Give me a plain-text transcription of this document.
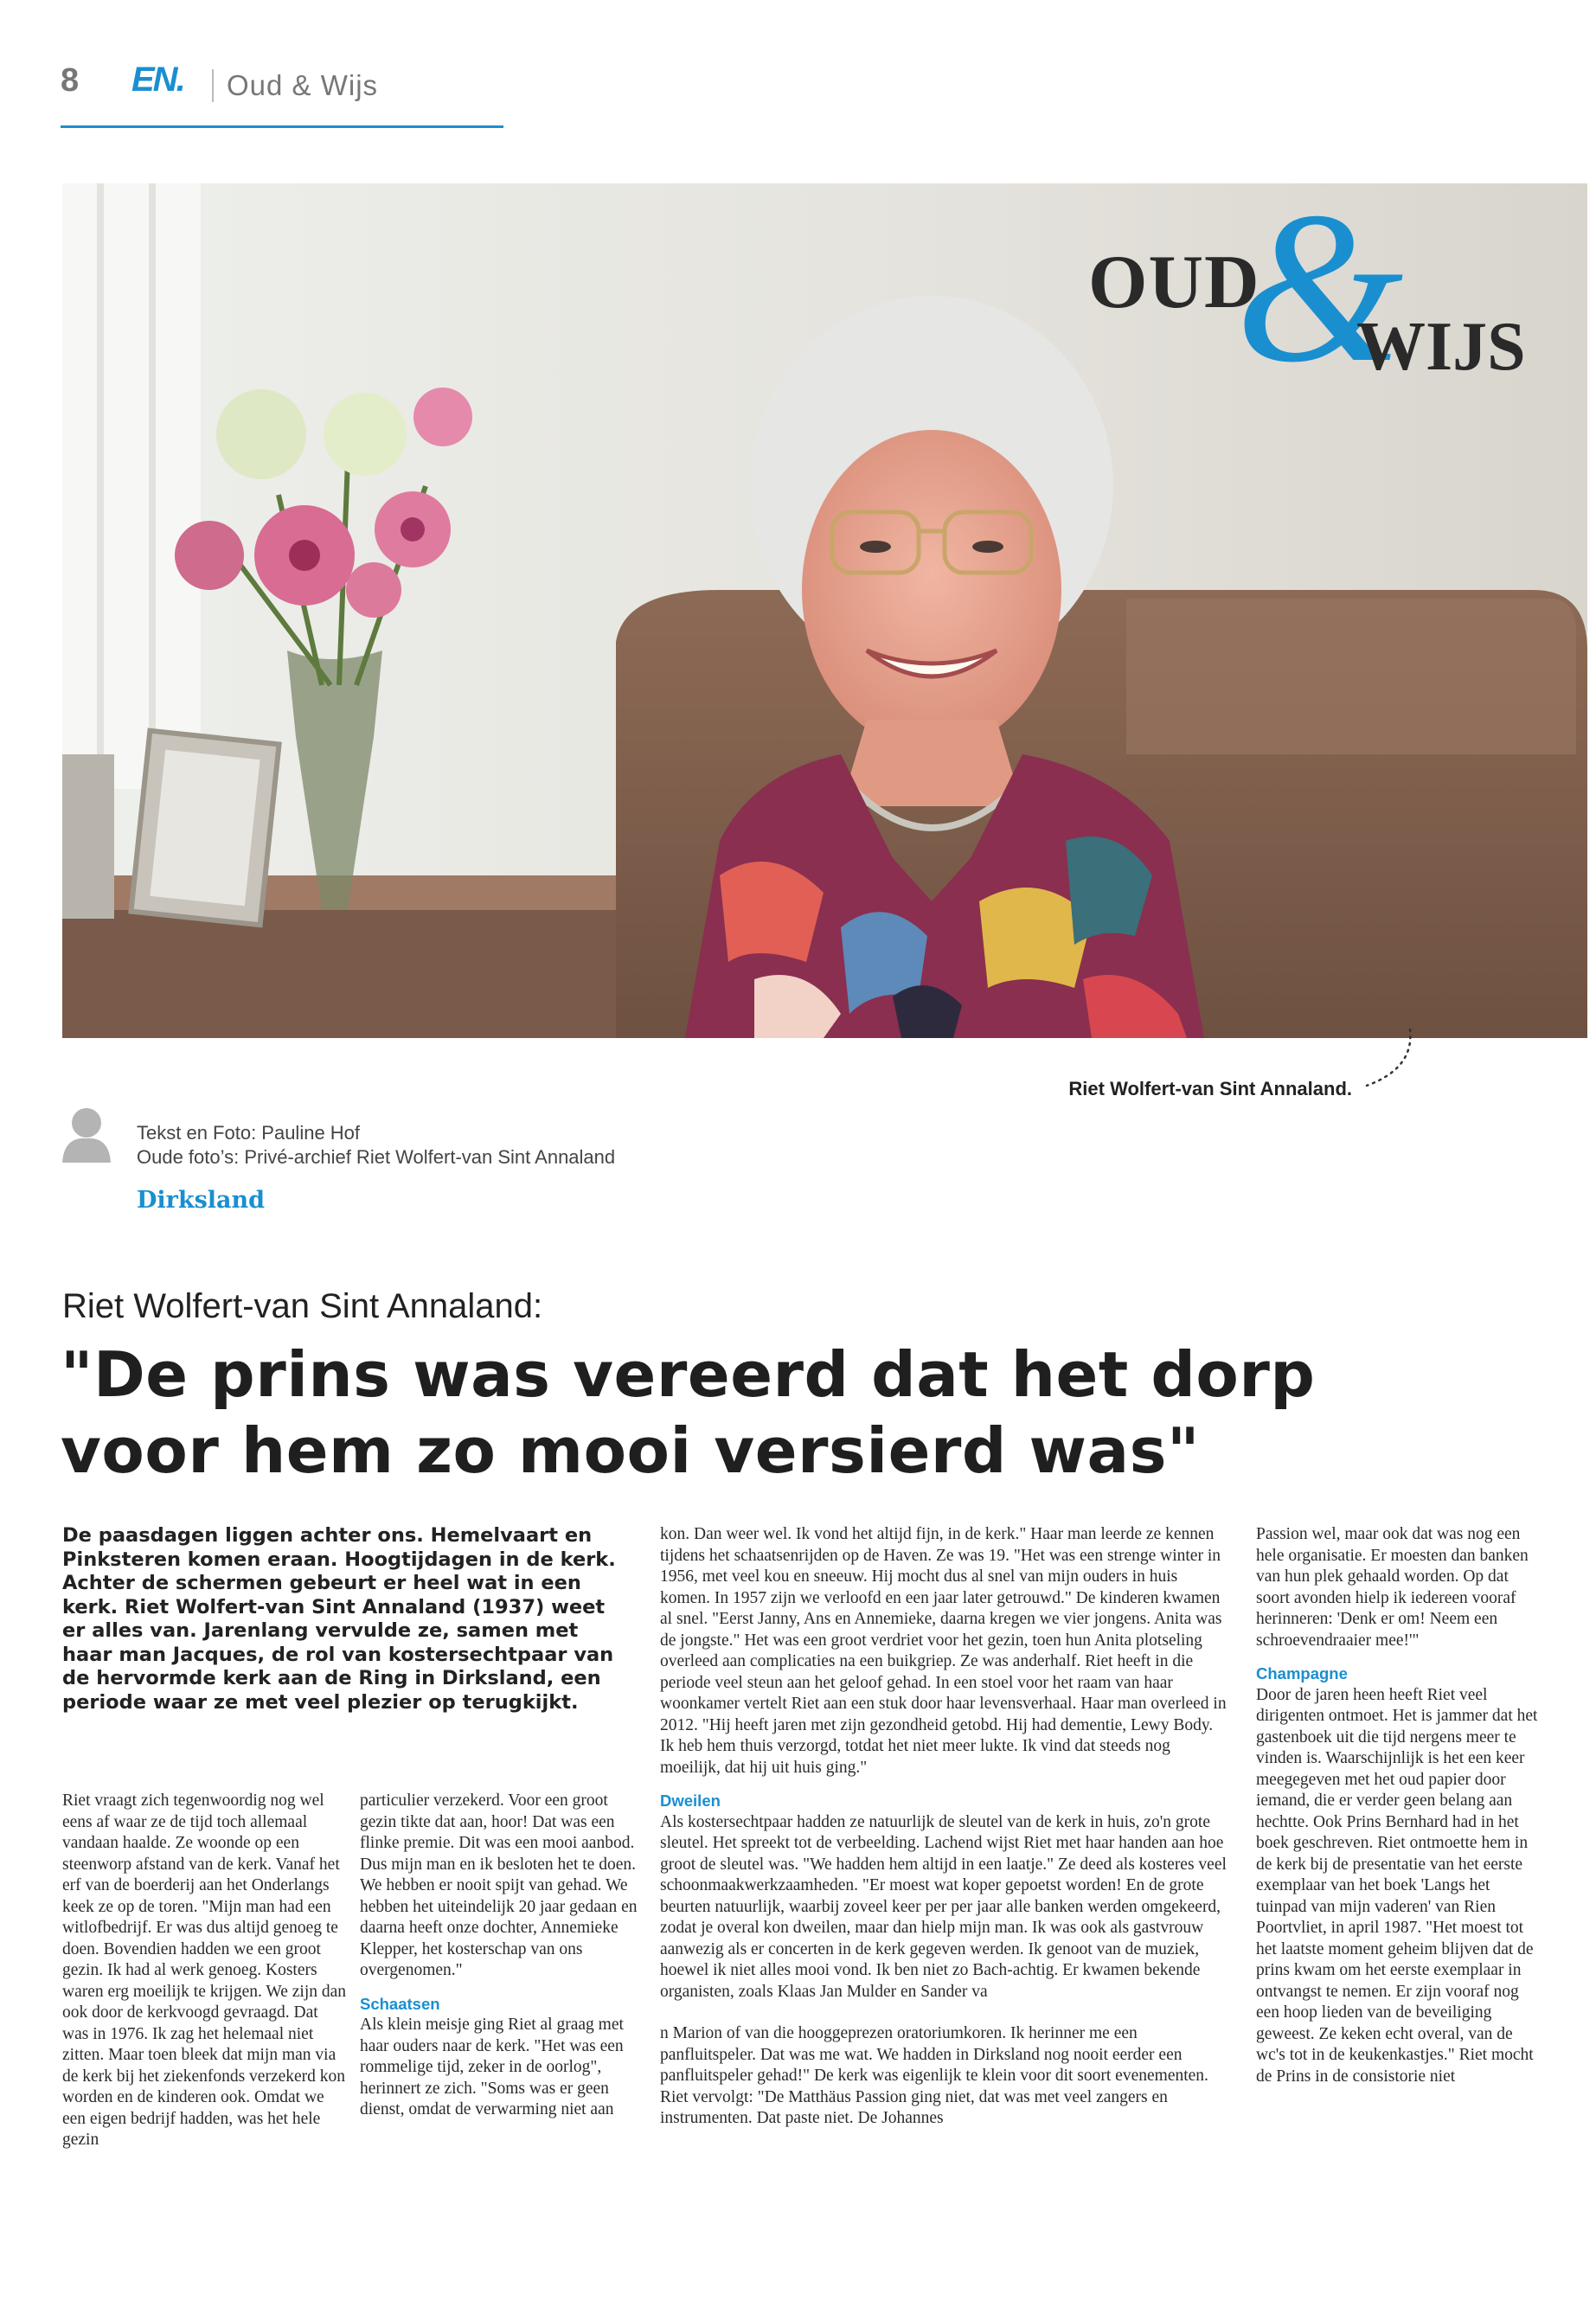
8 EN. Oud & Wijs
&
OUD
WIJS
Riet Wolfert-van Sint Annaland.
Tekst en Foto: Pauline Hof
Oude foto’s: Privé-archief Riet Wolfert-van Sint Annaland
Dirksland
Riet Wolfert-van Sint Annaland:
"De prins was vereerd dat het dorp voor hem zo mooi versierd was"
De paasdagen liggen achter ons. Hemelvaart en Pinksteren komen eraan. Hoogtijdagen in de kerk. Achter de schermen gebeurt er heel wat in een kerk. Riet Wolfert-van Sint Annaland (1937) weet er alles van. Jarenlang vervulde ze, samen met haar man Jacques, de rol van kostersechtpaar van de hervormde kerk aan de Ring in Dirksland, een periode waar ze met veel plezier op terugkijkt.

Riet vraagt zich tegenwoordig nog wel eens af waar ze de tijd toch allemaal vandaan haalde. Ze woonde op een steenworp afstand van de kerk. Vanaf het erf van de boerderij aan het Onderlangs keek ze op de toren. "Mijn man had een witlofbedrijf. Er was dus altijd genoeg te doen. Bovendien hadden we een groot gezin. Ik had al werk genoeg. Kosters waren erg moeilijk te krijgen. We zijn dan ook door de kerkvoogd gevraagd. Dat was in 1976. Ik zag het helemaal niet zitten. Maar toen bleek dat mijn man via de kerk bij het ziekenfonds verzekerd kon worden en de kinderen ook. Omdat we een eigen bedrijf hadden, was het hele gezin

particulier verzekerd. Voor een groot gezin tikte dat aan, hoor! Dat was een flinke premie. Dit was een mooi aanbod. Dus mijn man en ik besloten het te doen. We hebben er nooit spijt van gehad. We hebben het uiteindelijk 20 jaar gedaan en daarna heeft onze dochter, Annemieke Klepper, het kosterschap van ons overgenomen."

Schaatsen

Als klein meisje ging Riet al graag met haar ouders naar de kerk. "Het was een rommelige tijd, zeker in de oorlog", herinnert ze zich. "Soms was er geen dienst, omdat de verwarming niet aan

kon. Dan weer wel. Ik vond het altijd fijn, in de kerk." Haar man leerde ze kennen tijdens het schaatsenrijden op de Haven. Ze was 19. "Het was een strenge winter in 1956, met veel kou en sneeuw. Hij mocht dus al snel van mijn ouders in huis komen. In 1957 zijn we verloofd en een jaar later getrouwd." De kinderen kwamen al snel. "Eerst Janny, Ans en Annemieke, daarna kregen we vier jongens. Anita was de jongste." Het was een groot verdriet voor het gezin, toen hun Anita plotseling overleed aan complicaties na een buikgriep. Ze was anderhalf. Riet heeft in die periode veel steun aan het geloof gehad. In een stoel voor het raam van haar woonkamer vertelt Riet aan een stuk door haar levensverhaal. Haar man overleed in 2012. "Hij heeft jaren met zijn gezondheid getobd. Hij had dementie, Lewy Body. Ik heb hem thuis verzorgd, totdat het niet meer lukte. Ik vind dat steeds nog moeilijk, dat hij uit huis ging."

Dweilen

Als kostersechtpaar hadden ze natuurlijk de sleutel van de kerk in huis, zo'n grote sleutel. Het spreekt tot de verbeelding. Lachend wijst Riet met haar handen aan hoe groot de sleutel was. "We hadden hem altijd in een laatje." Ze deed als kosteres veel schoonmaakwerkzaamheden. "Er moest wat koper gepoetst worden! En de grote beurten natuurlijk, waarbij zoveel keer per per jaar alle banken werden omgekeerd, zodat je overal kon dweilen, maar dan hielp mijn man. Ik was ook als gastvrouw aanwezig als er concerten in de kerk gegeven werden. Ik genoot van de muziek, hoewel ik niet alles mooi vond. Ik ben niet zo Bach-achtig. Er kwamen bekende organisten, zoals Klaas Jan Mulder en Sander va

n Marion of van die hooggeprezen oratoriumkoren. Ik herinner me een panfluitspeler. Dat was me wat. We hadden in Dirksland nog nooit eerder een panfluitspeler gehad!" De kerk was eigenlijk te klein voor dit soort evenementen. Riet vervolgt: "De Matthäus Passion ging niet, dat was met veel zangers en instrumenten. Dat paste niet. De Johannes

Passion wel, maar ook dat was nog een hele organisatie. Er moesten dan banken van hun plek gehaald worden. Op dat soort avonden hielp ik iedereen vooraf herinneren: 'Denk er om! Neem een schroevendraaier mee!'"

Champagne

Door de jaren heen heeft Riet veel dirigenten ontmoet. Het is jammer dat het gastenboek uit die tijd nergens meer te vinden is. Waarschijnlijk is het een keer meegegeven met het oud papier door iemand, die er verder geen belang aan hechtte. Ook Prins Bernhard had in het boek geschreven. Riet ontmoette hem in de kerk bij de presentatie van het eerste exemplaar van het boek 'Langs het tuinpad van mijn vaderen' van Rien Poortvliet, in april 1987. "Het moest tot het laatste moment geheim blijven dat de prins kwam om het eerste exemplaar in ontvangst te nemen. Er zijn vooraf nog een hoop lieden van de beveiliging geweest. Ze keken echt overal, van de wc's tot in de keukenkastjes." Riet mocht de Prins in de consistorie niet
